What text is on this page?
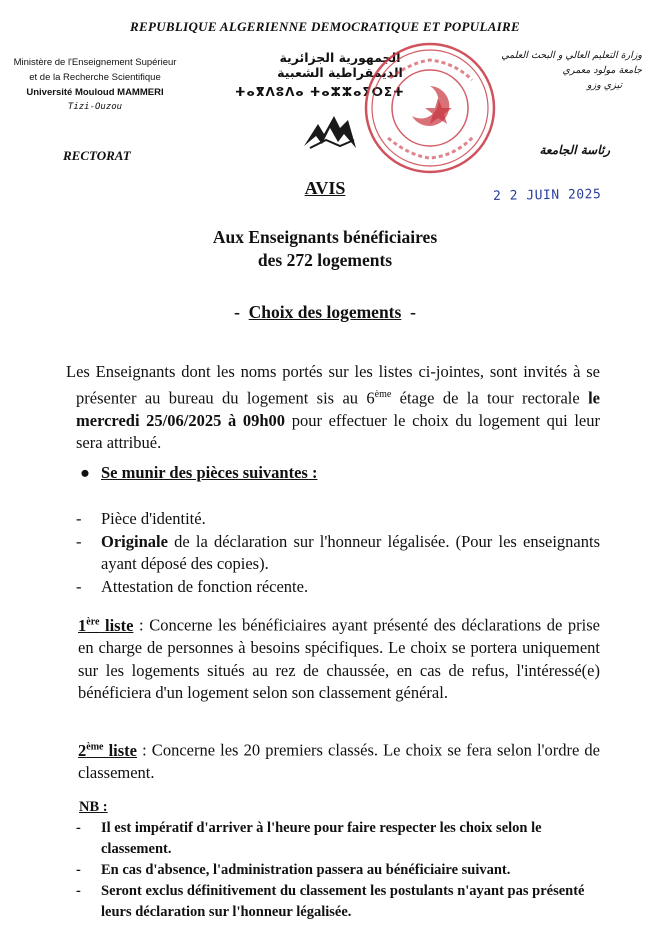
REPUBLIQUE ALGERIENNE DEMOCRATIQUE ET POPULAIRE
Ministère de l'Enseignement Supérieur
et de la Recherche Scientifique
Université Mouloud MAMMERI
Tizi-Ouzou
الجمهورية الجزائرية الديمقراطية الشعبية
ⵜⴰⴳⴷⵓⴷⴰ ⵜⴰⵣⵣⴰⵢⵔⵉⵜ
وزارة التعليم العالي و البحث العلمي
جامعة مولود معمري
تيزي وزو
RECTORAT	رئاسة الجامعة
2 2 JUIN 2025
AVIS
Aux Enseignants bénéficiaires
des 272 logements
-  Choix des logements  -
Les Enseignants dont les noms portés sur les listes ci-jointes, sont invités à se présenter au bureau du logement sis au 6ème étage de la tour rectorale le mercredi 25/06/2025 à 09h00 pour effectuer le choix du logement qui leur sera attribué.
● Se munir des pièces suivantes :
- Pièce d'identité.
- Originale de la déclaration sur l'honneur légalisée. (Pour les enseignants ayant déposé des copies).
- Attestation de fonction récente.
1ère liste : Concerne les bénéficiaires ayant présenté des déclarations de prise en charge de personnes à besoins spécifiques. Le choix se portera uniquement sur les logements situés au rez de chaussée, en cas de refus, l'intéressé(e) bénéficiera d'un logement selon son classement général.
2ème liste : Concerne les 20 premiers classés. Le choix se fera selon l'ordre de classement.
NB :
- Il est impératif d'arriver à l'heure pour faire respecter les choix selon le classement.
- En cas d'absence, l'administration passera au bénéficiaire suivant.
- Seront exclus définitivement du classement les postulants n'ayant pas présenté leurs déclaration sur l'honneur légalisée.
